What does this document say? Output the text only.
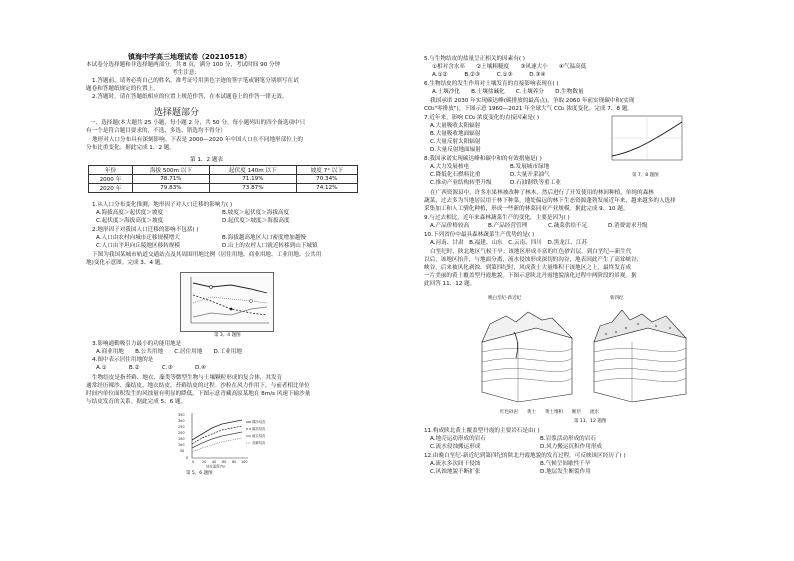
镇海中学高三地理试卷（20210518）
本试卷分选择题和非选择题两部分，共 8 页，满分 100 分，考试时间 90 分钟
考生注意：
1.答题前，请务必将自己的姓名、准考证号用黑色字迹的签字笔或钢笔分别填写在试
题卷和答题纸规定的位置上。
2.答题时，请在答题纸相应的位置上规范作答，在本试题卷上的作答一律无效。
选择题部分
一、选择题(本大题共 25 小题，每小题 2 分，共 50 分。每小题列出的四个备选项中只
有一个是符合题目要求的，不选、多选、错选均不得分）
地形对人口分布具有深刻影响。下表是 2000—2020 年中国人口在不同地形部位上的
分布比重变化。据此完成 1、2 题。
第 1、2 题表
年份	海拔 500m 以下	起伏度 140m 以下	坡度 7° 以下
2000 年	78.71%	71.19%	70.34%
2020 年	79.83%	73.87%	74.12%
1.从人口分布变化推测，地形因子对人口迁移的影响力( )
A.海拔高度＞起伏度＞坡度	B.坡度＞起伏度＞海拔高度
C.起伏度＞海拔高度＞坡度	D.起伏度＞坡度＞海拔高度
2.地形因子对我国人口迁移的影响不包括( )
A.人口由农村向城市迁移规模增大	B.海拔越高地区人口密度增加越慢
C.人口由平坦向丘陵地区移转规模	D.山上的农村人口就近转移到山下城镇
下图为我国某城市轨道交通站点及其周围用地比例（居住用地、商业用地、工业用地、公共用
地)变化示意图。完成 3、4 题。
第 3、4 题图
3.影响通勤吸引力最小的功能用地是
A.商业用地　　B.公共用地　　C.居住用地　　D.工业用地
4.图中表示居住用地的是
A.①　　　　B.②　　　　C.③　　　　D.④
生物结皮是指苔藓、地衣、藻类等微型生物与土壤颗粒形成的复合体，其发育
通常经历裸沙、藻结皮、地衣结皮、苔藓结皮的过程。沙粒在风力作用下，与前者相比单位
时间内单位面积发生的风蚀量有明显的降低。下图示意青藏高原某地在 8m/s 风速下输沙量
与结皮发育的关系。据此完成 5、6 题。
350
300
250
200
150
100
50
0
0 20 40 60 80 100
结皮盖度(%)
裸沙结皮
藻类结皮
地衣结皮
苔藓结皮
第 5、6 题图
5.与生物结皮的盐量呈正相关的因素有( )
①相对含水率　　②土壤粗糙度　　③风速大小　　④气温高低
A.①②　　　B.②③　　　C.①③　　　D.③④
6.生物结皮的发生作用对土壤发育的直接影响表现在( )
A.土壤沙化　　B.土壤盐碱化　　C.土壤养分　　D.生物数量
我国承诺 2030 年实现碳达峰(碳排放的最高点)，争取 2060 年前实现碳中和(实现
CO₂"零排放")。下图示意 1960—2021 年全球大气 CO₂ 浓度变化。完成 7、8 题。
7.近年来，影响 CO₂ 浓度变化的直接因素是( )
A.大量吸收太阳辐射
B.大量吸收地面辐射
C.大量反射太阳辐射
D.大量反射地面辐射
8.我国承诺实现碳达峰和碳中和的有效措施是( )
A.大力发展核电	B.发展城市绿地
C.降低化石燃料比重	D.大量开采油气
C.推动产业结构转型升级	D.石油钢铁等重工业
第 7、8 题图
在广西资源县中，许多水果林被改种了林木，然后进行了开发使用的林间种植，单纯的森林
蔬菜，过去多为当地居民用于林下种菜，地处偏远的林下生态资源蓬勃发展近年来，越来越多的人选择
采集加工和人工驯化种植，形成一些新的林菜同业产业规模。据此完成 9、10 题。
9.与过去相比，近年来森林蔬菜生产的变化，主要是因为( )
A.产品价格较高	B.产品经营管理	C.蔬菜供给不足	D.消费需求升级
10.下列省份中最具森林蔬菜生产优势的是( )
A.河南、甘肃　B.福建、山东　C.云南、四川　D.黑龙江、江苏
白垩纪时，陕北地区气候干旱；该地区形成丰富的红色砂岩层。到白垩纪—新生代
以后，该地区抬升，与地面分离，流水侵蚀形成深切的沟谷，地表因此产生了高耸峡谷，
峡谷，后来被风化剥蚀。到第四纪时，风成黄土大量堆积于该地区之上，最终发育成
一片美丽的黄土覆盖型丹霞地貌。下图示意陕北丹霞地貌演化过程中两阶段的景观。据
此回答 11、12 题。
晚白垩纪-新近纪	新四纪
红色砂岩　　黄土　　黄土堆积　　断层　　流水
第 11、12 题图
11.构成陕北黄土覆盖型丹霞的主要岩石是由( )
A.地壳运动形成的岩石	B.岩浆活动形成的岩石
C.流水侵蚀搬运形成	D.风力搬运沉积作用形成
12.由晚白垩纪-新近纪到第四纪的陕北丹霞地貌的发育过程，可反映该区经历了( )
A.流水多次间干侵蚀	B.气候呈间歇性干旱
C.风蚀地貌不断扩张	D.地层发生断裂作用
